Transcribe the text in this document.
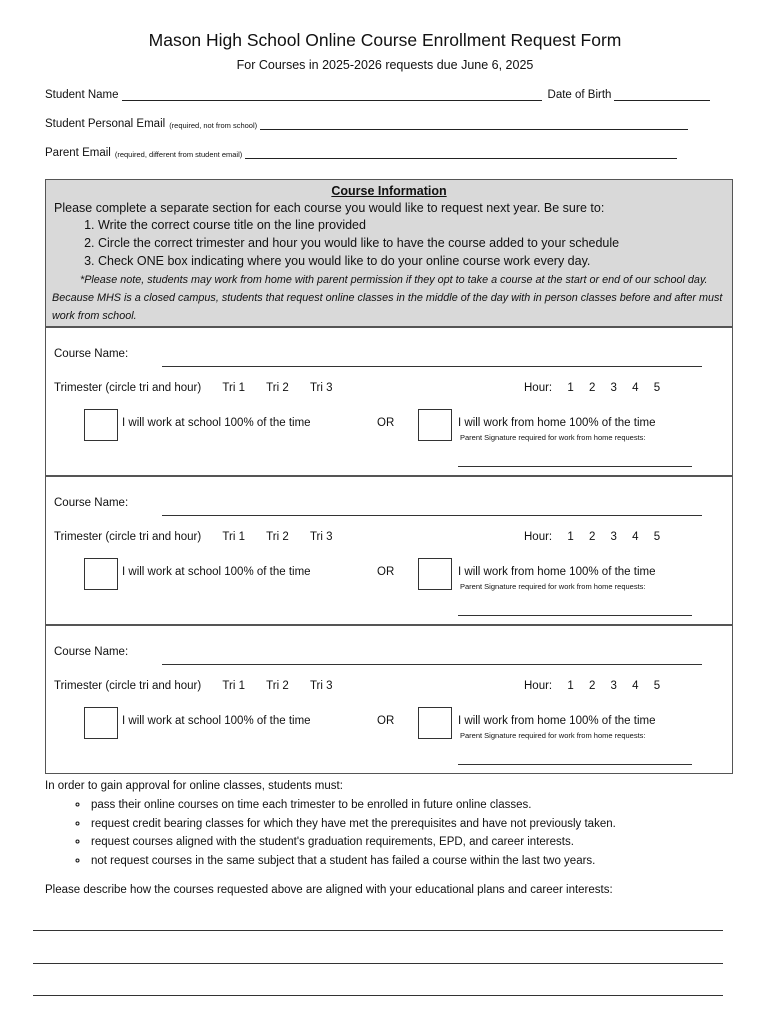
Mason High School Online Course Enrollment Request Form
For Courses in 2025-2026 requests due June 6, 2025
Student Name	Date of Birth
Student Personal Email (required, not from school)
Parent Email (required, different from student email)
Course Information
Please complete a separate section for each course you would like to request next year. Be sure to:
1. Write the correct course title on the line provided
2. Circle the correct trimester and hour you would like to have the course added to your schedule
3. Check ONE box indicating where you would like to do your online course work every day.
*Please note, students may work from home with parent permission if they opt to take a course at the start or end of our school day. Because MHS is a closed campus, students that request online classes in the middle of the day with in person classes before and after must work from school.
Course Name:
Trimester (circle tri and hour) Tri 1 Tri 2 Tri 3	Hour: 1 2 3 4 5
I will work at school 100% of the time	OR	I will work from home 100% of the time
Parent Signature required for work from home requests:
Course Name:
Trimester (circle tri and hour) Tri 1 Tri 2 Tri 3	Hour: 1 2 3 4 5
I will work at school 100% of the time	OR	I will work from home 100% of the time
Parent Signature required for work from home requests:
Course Name:
Trimester (circle tri and hour) Tri 1 Tri 2 Tri 3	Hour: 1 2 3 4 5
I will work at school 100% of the time	OR	I will work from home 100% of the time
Parent Signature required for work from home requests:
In order to gain approval for online classes, students must:
◦ pass their online courses on time each trimester to be enrolled in future online classes.
◦ request credit bearing classes for which they have met the prerequisites and have not previously taken.
◦ request courses aligned with the student's graduation requirements, EPD, and career interests.
◦ not request courses in the same subject that a student has failed a course within the last two years.
Please describe how the courses requested above are aligned with your educational plans and career interests:
